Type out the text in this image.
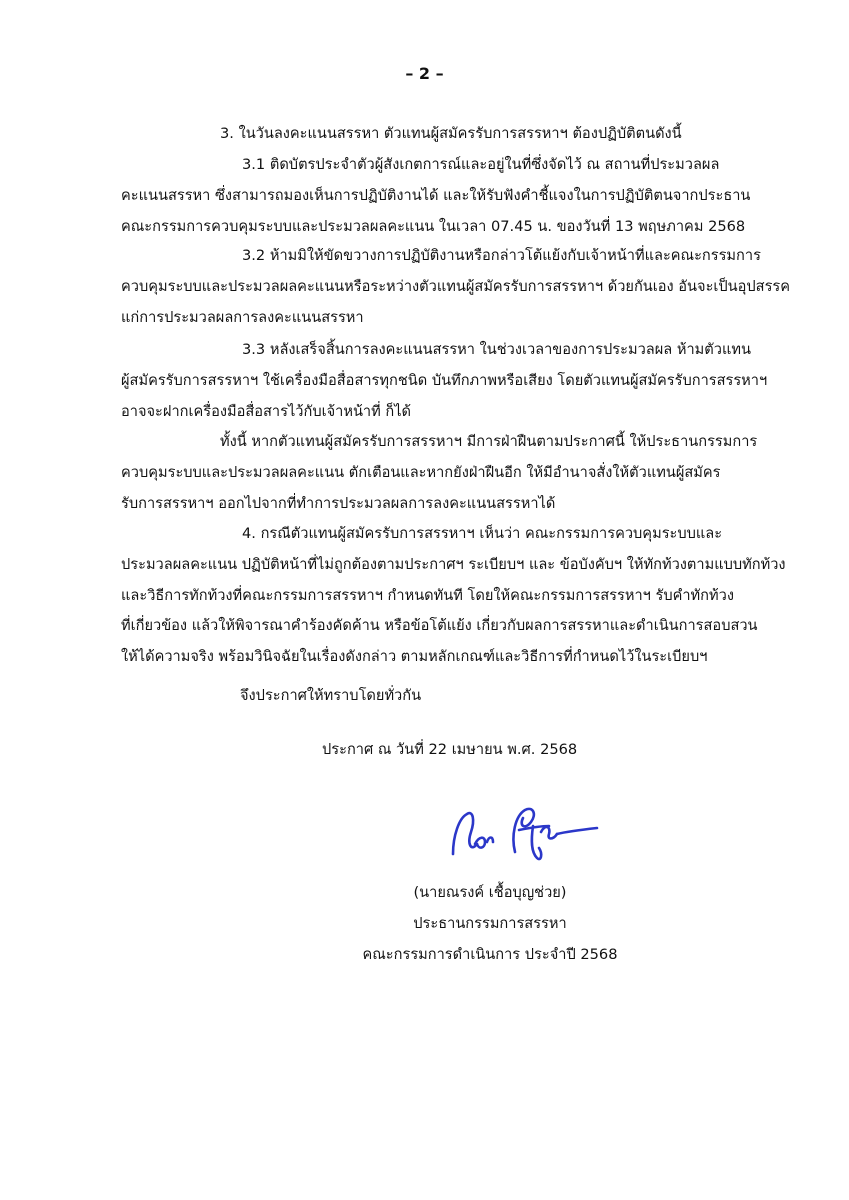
– 2 –
3. ในวันลงคะแนนสรรหา ตัวแทนผู้สมัครรับการสรรหาฯ ต้องปฏิบัติตนดังนี้
3.1 ติดบัตรประจำตัวผู้สังเกตการณ์และอยู่ในที่ซึ่งจัดไว้ ณ สถานที่ประมวลผล
คะแนนสรรหา ซึ่งสามารถมองเห็นการปฏิบัติงานได้ และให้รับฟังคำชี้แจงในการปฏิบัติตนจากประธาน
คณะกรรมการควบคุมระบบและประมวลผลคะแนน ในเวลา 07.45 น. ของวันที่ 13 พฤษภาคม 2568
3.2 ห้ามมิให้ขัดขวางการปฏิบัติงานหรือกล่าวโต้แย้งกับเจ้าหน้าที่และคณะกรรมการ
ควบคุมระบบและประมวลผลคะแนนหรือระหว่างตัวแทนผู้สมัครรับการสรรหาฯ ด้วยกันเอง อันจะเป็นอุปสรรค
แก่การประมวลผลการลงคะแนนสรรหา
3.3 หลังเสร็จสิ้นการลงคะแนนสรรหา ในช่วงเวลาของการประมวลผล ห้ามตัวแทน
ผู้สมัครรับการสรรหาฯ ใช้เครื่องมือสื่อสารทุกชนิด บันทึกภาพหรือเสียง โดยตัวแทนผู้สมัครรับการสรรหาฯ
อาจจะฝากเครื่องมือสื่อสารไว้กับเจ้าหน้าที่ ก็ได้
ทั้งนี้ หากตัวแทนผู้สมัครรับการสรรหาฯ มีการฝ่าฝืนตามประกาศนี้ ให้ประธานกรรมการ
ควบคุมระบบและประมวลผลคะแนน ตักเตือนและหากยังฝ่าฝืนอีก ให้มีอำนาจสั่งให้ตัวแทนผู้สมัคร
รับการสรรหาฯ ออกไปจากที่ทำการประมวลผลการลงคะแนนสรรหาได้
4. กรณีตัวแทนผู้สมัครรับการสรรหาฯ เห็นว่า คณะกรรมการควบคุมระบบและ
ประมวลผลคะแนน ปฏิบัติหน้าที่ไม่ถูกต้องตามประกาศฯ ระเบียบฯ และ ข้อบังคับฯ ให้ทักท้วงตามแบบทักท้วง
และวิธีการทักท้วงที่คณะกรรมการสรรหาฯ กำหนดทันที โดยให้คณะกรรมการสรรหาฯ รับคำทักท้วง
ที่เกี่ยวข้อง แล้วให้พิจารณาคำร้องคัดค้าน หรือข้อโต้แย้ง เกี่ยวกับผลการสรรหาและดำเนินการสอบสวน
ให้ได้ความจริง พร้อมวินิจฉัยในเรื่องดังกล่าว ตามหลักเกณฑ์และวิธีการที่กำหนดไว้ในระเบียบฯ
จึงประกาศให้ทราบโดยทั่วกัน
ประกาศ ณ วันที่ 22 เมษายน พ.ศ. 2568
(นายณรงค์ เชื้อบุญช่วย)
ประธานกรรมการสรรหา
คณะกรรมการดำเนินการ ประจำปี 2568
